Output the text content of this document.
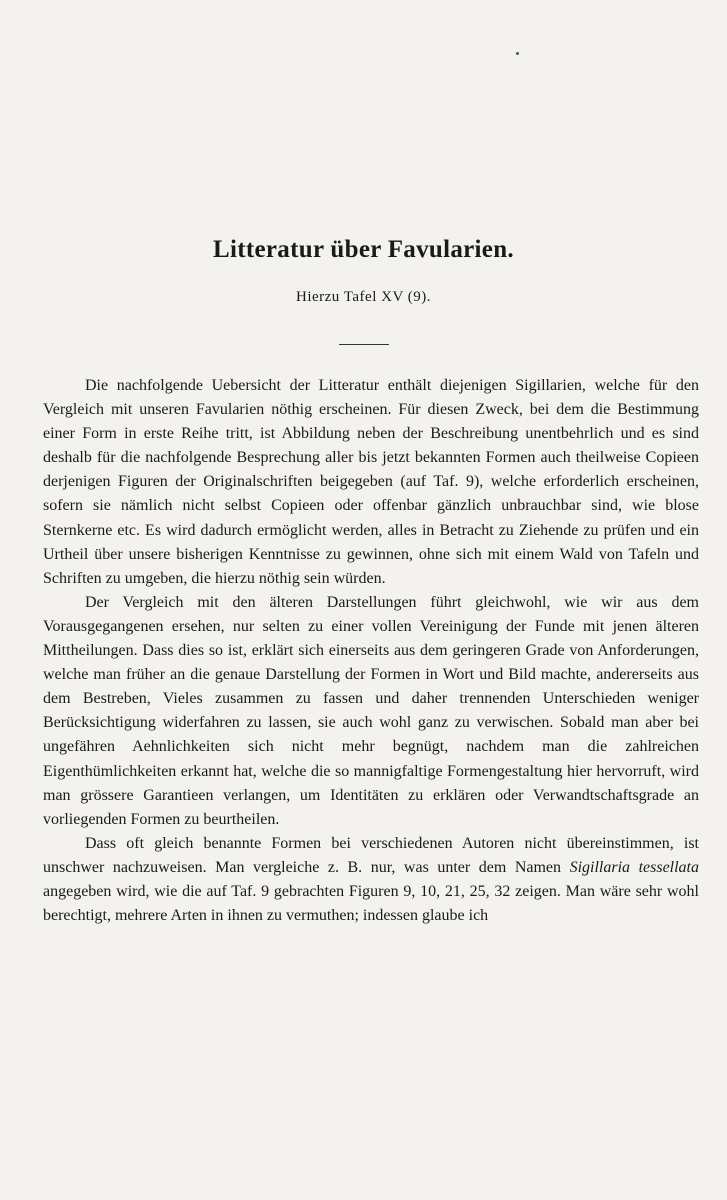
Litteratur über Favularien.
Hierzu Tafel XV (9).

Die nachfolgende Uebersicht der Litteratur enthält diejenigen Sigillarien, welche für den Vergleich mit unseren Favularien nöthig erscheinen. Für diesen Zweck, bei dem die Bestimmung einer Form in erste Reihe tritt, ist Abbildung neben der Beschreibung unentbehrlich und es sind deshalb für die nachfolgende Besprechung aller bis jetzt bekannten Formen auch theilweise Copieen derjenigen Figuren der Originalschriften beigegeben (auf Taf. 9), welche erforderlich erscheinen, sofern sie nämlich nicht selbst Copieen oder offenbar gänzlich unbrauchbar sind, wie blose Sternkerne etc. Es wird dadurch ermöglicht werden, alles in Betracht zu Ziehende zu prüfen und ein Urtheil über unsere bisherigen Kenntnisse zu gewinnen, ohne sich mit einem Wald von Tafeln und Schriften zu umgeben, die hierzu nöthig sein würden.

Der Vergleich mit den älteren Darstellungen führt gleichwohl, wie wir aus dem Vorausgegangenen ersehen, nur selten zu einer vollen Vereinigung der Funde mit jenen älteren Mittheilungen. Dass dies so ist, erklärt sich einerseits aus dem geringeren Grade von Anforderungen, welche man früher an die genaue Darstellung der Formen in Wort und Bild machte, andererseits aus dem Bestreben, Vieles zusammen zu fassen und daher trennenden Unterschieden weniger Berücksichtigung widerfahren zu lassen, sie auch wohl ganz zu verwischen. Sobald man aber bei ungefähren Aehnlichkeiten sich nicht mehr begnügt, nachdem man die zahlreichen Eigenthümlichkeiten erkannt hat, welche die so mannigfaltige Formengestaltung hier hervorruft, wird man grössere Garantieen verlangen, um Identitäten zu erklären oder Verwandtschaftsgrade an vorliegenden Formen zu beurtheilen.

Dass oft gleich benannte Formen bei verschiedenen Autoren nicht übereinstimmen, ist unschwer nachzuweisen. Man vergleiche z. B. nur, was unter dem Namen Sigillaria tessellata angegeben wird, wie die auf Taf. 9 gebrachten Figuren 9, 10, 21, 25, 32 zeigen. Man wäre sehr wohl berechtigt, mehrere Arten in ihnen zu vermuthen; indessen glaube ich
